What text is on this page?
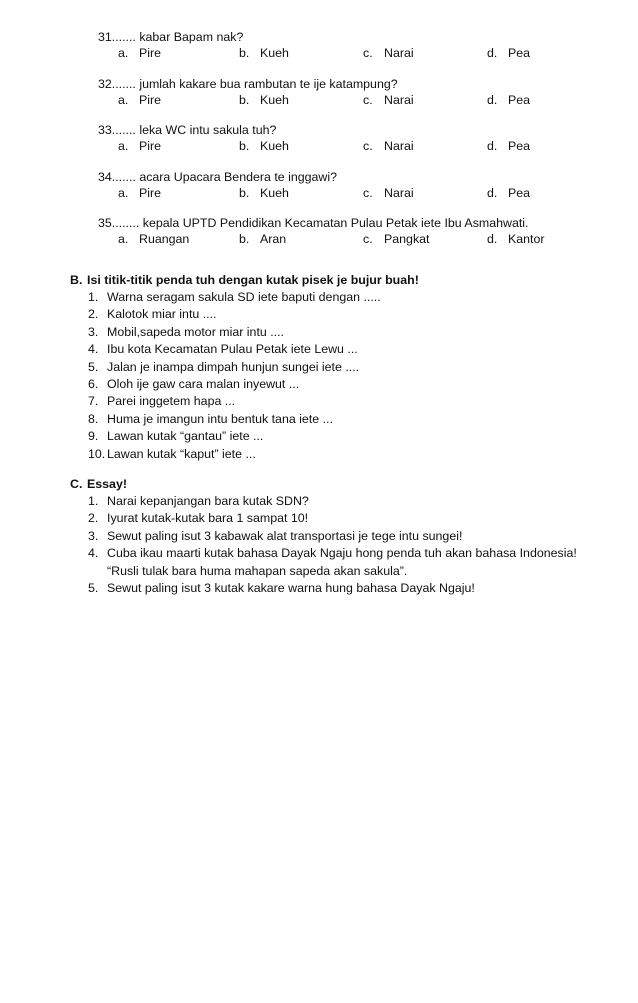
31....... kabar Bapam nak?
a. Pire	b. Kueh	c. Narai	d. Pea
32....... jumlah kakare bua rambutan te ije katampung?
a. Pire	b. Kueh	c. Narai	d. Pea
33....... leka WC intu sakula tuh?
a. Pire	b. Kueh	c. Narai	d. Pea
34....... acara Upacara Bendera te inggawi?
a. Pire	b. Kueh	c. Narai	d. Pea
35........ kepala UPTD Pendidikan Kecamatan Pulau Petak iete Ibu Asmahwati.
a. Ruangan	b. Aran	c. Pangkat	d. Kantor
B. Isi titik-titik penda tuh dengan kutak pisek je bujur buah!
1. Warna seragam sakula SD iete baputi dengan .....
2. Kalotok miar intu ....
3. Mobil,sapeda motor miar intu ....
4. Ibu kota Kecamatan Pulau Petak iete Lewu ...
5. Jalan je inampa dimpah hunjun sungei iete ....
6. Oloh ije gaw cara malan inyewut ...
7. Parei inggetem hapa ...
8. Huma je imangun intu bentuk tana iete ...
9. Lawan kutak “gantau” iete ...
10. Lawan kutak “kaput” iete ...
C. Essay!
1. Narai kepanjangan bara kutak SDN?
2. Iyurat kutak-kutak bara 1 sampat 10!
3. Sewut paling isut 3 kabawak alat transportasi je tege intu sungei!
4. Cuba ikau maarti kutak bahasa Dayak Ngaju hong penda tuh akan bahasa Indonesia!
“Rusli tulak bara huma mahapan sapeda akan sakula”.
5. Sewut paling isut 3 kutak kakare warna hung bahasa Dayak Ngaju!
